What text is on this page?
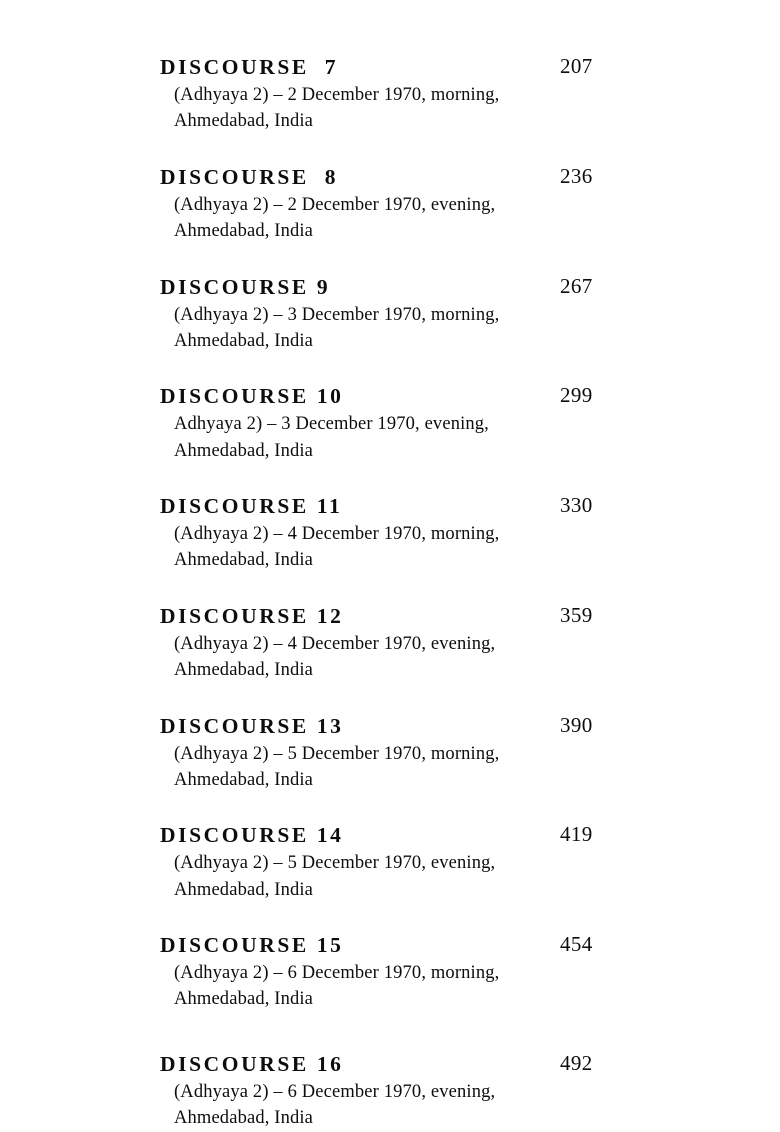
DISCOURSE  7	207
(Adhyaya 2) – 2 December 1970, morning,
Ahmedabad, India
DISCOURSE  8	236
(Adhyaya 2) – 2 December 1970, evening,
Ahmedabad, India
DISCOURSE 9	267
(Adhyaya 2) – 3 December 1970, morning,
Ahmedabad, India
DISCOURSE 10	299
Adhyaya 2) – 3 December 1970, evening,
Ahmedabad, India
DISCOURSE 11	330
(Adhyaya 2) – 4 December 1970, morning,
Ahmedabad, India
DISCOURSE 12	359
(Adhyaya 2) – 4 December 1970, evening,
Ahmedabad, India
DISCOURSE 13	390
(Adhyaya 2) – 5 December 1970, morning,
Ahmedabad, India
DISCOURSE 14	419
(Adhyaya 2) – 5 December 1970, evening,
Ahmedabad, India
DISCOURSE 15	454
(Adhyaya 2) – 6 December 1970, morning,
Ahmedabad, India
DISCOURSE 16	492
(Adhyaya 2) – 6 December 1970, evening,
Ahmedabad, India
